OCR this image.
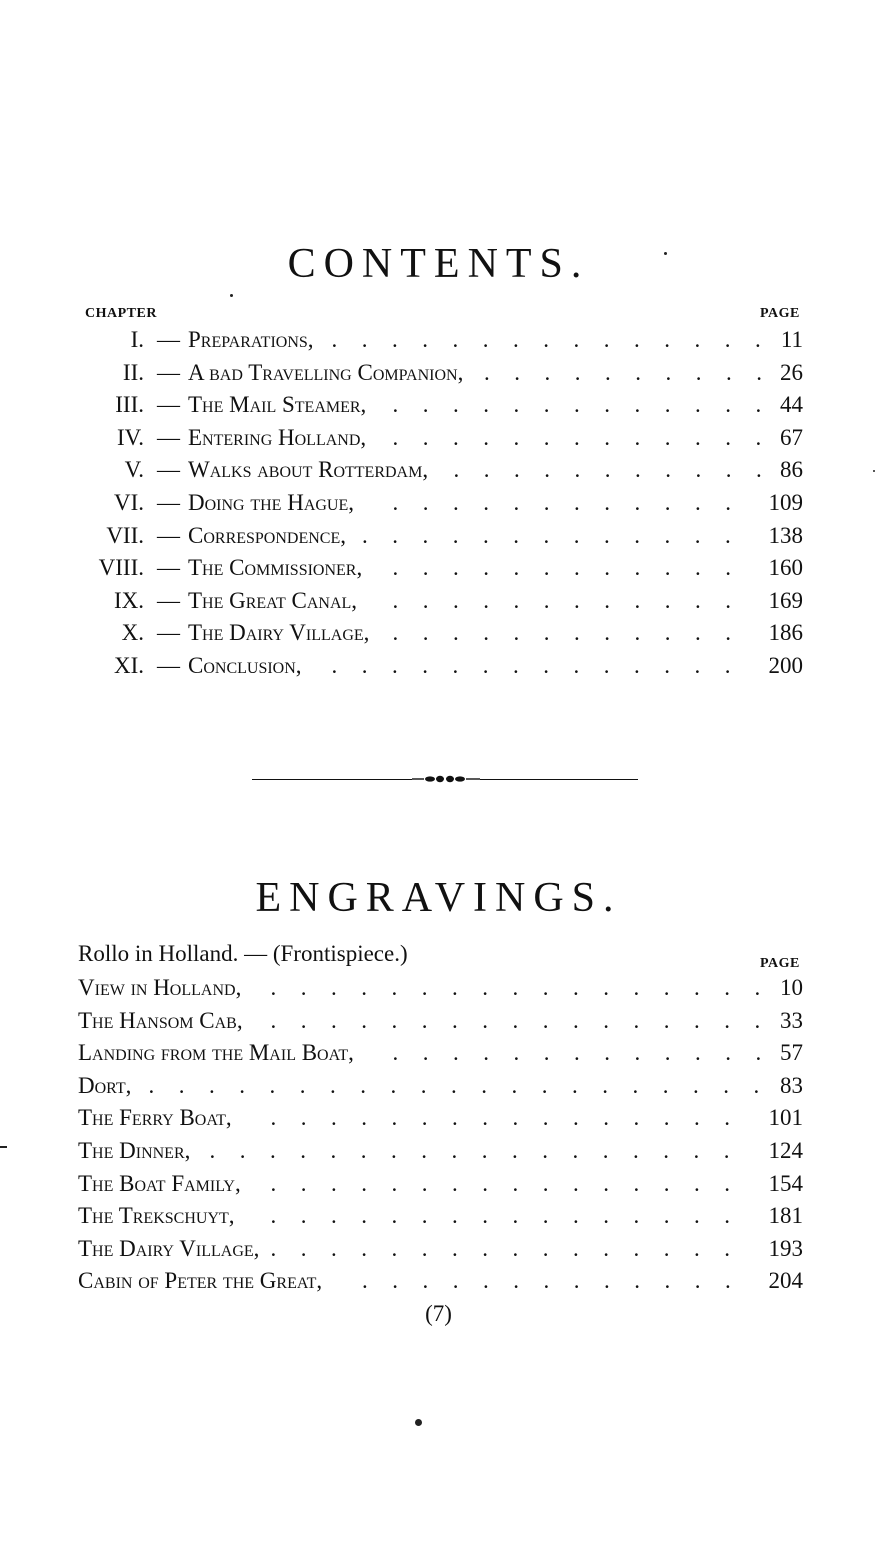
CONTENTS.
CHAPTER	PAGE
I. — Preparations, ...............
11
II. — A bad Travelling Companion, ..........
26
III. — The Mail Steamer, .............
44
IV. — Entering Holland, .............
67
V. — Walks about Rotterdam, ...........
86
VI. — Doing the Hague, ............ 109
VII. — Correspondence, ............. 138
VIII. — The Commissioner, ............ 160
IX. — The Great Canal, ............ 169
X. — The Dairy Village, ............ 186
XI. — Conclusion, .............. 200
ENGRAVINGS.
Rollo in Holland. — (Frontispiece.)	PAGE
View in Holland, .................
10
The Hansom Cab, .................
33
Landing from the Mail Boat, .............
57
Dort, .....................
83
The Ferry Boat, ................ 101
The Dinner, .................. 124
The Boat Family, ................ 154
The Trekschuyt, ................ 181
The Dairy Village, ................ 193
Cabin of Peter the Great, ............. 204
(7)
